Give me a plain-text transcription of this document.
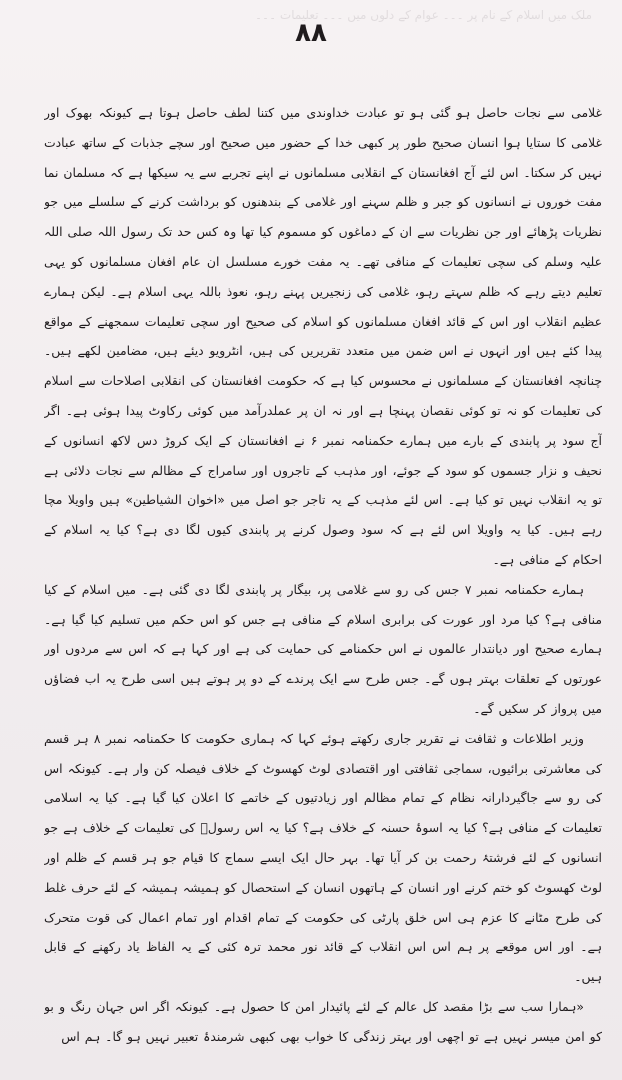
ملک میں اسلام کے نام پر ۔۔۔ عوام کے دلوں میں ۔۔۔ تعلیمات ۔۔۔
۸۸

غلامی سے نجات حاصل ہو گئی ہو تو عبادت خداوندی میں کتنا لطف حاصل ہوتا ہے کیونکہ بھوک اور غلامی کا ستایا ہوا انسان صحیح طور پر کبھی خدا کے حضور میں صحیح اور سچے جذبات کے ساتھ عبادت نہیں کر سکتا۔ اس لئے آج افغانستان کے انقلابی مسلمانوں نے اپنے تجربے سے یہ سیکھا ہے کہ مسلمان نما مفت خوروں نے انسانوں کو جبر و ظلم سہنے اور غلامی کے بندھنوں کو برداشت کرنے کے سلسلے میں جو نظریات پڑھائے اور جن نظریات سے ان کے دماغوں کو مسموم کیا تھا وہ کس حد تک رسول اللہ صلی اللہ علیہ وسلم کی سچی تعلیمات کے منافی تھے۔ یہ مفت خورے مسلسل ان عام افغان مسلمانوں کو یہی تعلیم دیتے رہے کہ ظلم سہتے رہو، غلامی کی زنجیریں پہنے رہو، نعوذ باللہ یہی اسلام ہے۔ لیکن ہمارے عظیم انقلاب اور اس کے قائد افغان مسلمانوں کو اسلام کی صحیح اور سچی تعلیمات سمجھنے کے مواقع پیدا کئے ہیں اور انہوں نے اس ضمن میں متعدد تقریریں کی ہیں، انٹرویو دیئے ہیں، مضامین لکھے ہیں۔ چنانچہ افغانستان کے مسلمانوں نے محسوس کیا ہے کہ حکومت افغانستان کی انقلابی اصلاحات سے اسلام کی تعلیمات کو نہ تو کوئی نقصان پہنچا ہے اور نہ ان پر عملدرآمد میں کوئی رکاوٹ پیدا ہوئی ہے۔ اگر آج سود پر پابندی کے بارے میں ہمارے حکمنامہ نمبر ۶ نے افغانستان کے ایک کروڑ دس لاکھ انسانوں کے نحیف و نزار جسموں کو سود کے جوئے، اور مذہب کے تاجروں اور سامراج کے مظالم سے نجات دلائی ہے تو یہ انقلاب نہیں تو کیا ہے۔ اس لئے مذہب کے یہ تاجر جو اصل میں «اخوان الشیاطین» ہیں واویلا مچا رہے ہیں۔ کیا یہ واویلا اس لئے ہے کہ سود وصول کرنے پر پابندی کیوں لگا دی ہے؟ کیا یہ اسلام کے احکام کے منافی ہے۔

ہمارے حکمنامہ نمبر ۷ جس کی رو سے غلامی پر، بیگار پر پابندی لگا دی گئی ہے۔ میں اسلام کے کیا منافی ہے؟ کیا مرد اور عورت کی برابری اسلام کے منافی ہے جس کو اس حکم میں تسلیم کیا گیا ہے۔ ہمارے صحیح اور دیانتدار عالموں نے اس حکمنامے کی حمایت کی ہے اور کہا ہے کہ اس سے مردوں اور عورتوں کے تعلقات بہتر ہوں گے۔ جس طرح سے ایک پرندے کے دو پر ہوتے ہیں اسی طرح یہ اب فضاؤں میں پرواز کر سکیں گے۔

وزیر اطلاعات و ثقافت نے تقریر جاری رکھتے ہوئے کہا کہ ہماری حکومت کا حکمنامہ نمبر ۸ ہر قسم کی معاشرتی برائیوں، سماجی ثقافتی اور اقتصادی لوٹ کھسوٹ کے خلاف فیصلہ کن وار ہے۔ کیونکہ اس کی رو سے جاگیردارانہ نظام کے تمام مظالم اور زیادتیوں کے خاتمے کا اعلان کیا گیا ہے۔ کیا یہ اسلامی تعلیمات کے منافی ہے؟ کیا یہ اسوۂ حسنہ کے خلاف ہے؟ کیا یہ اس رسولؐ کی تعلیمات کے خلاف ہے جو انسانوں کے لئے فرشتۂ رحمت بن کر آیا تھا۔ بہر حال ایک ایسے سماج کا قیام جو ہر قسم کے ظلم اور لوٹ کھسوٹ کو ختم کرنے اور انسان کے ہاتھوں انسان کے استحصال کو ہمیشہ ہمیشہ کے لئے حرف غلط کی طرح مٹانے کا عزم ہی اس خلق پارٹی کی حکومت کے تمام اقدام اور تمام اعمال کی قوت متحرک ہے۔ اور اس موقعے پر ہم اس اس انقلاب کے قائد نور محمد ترہ کئی کے یہ الفاظ یاد رکھنے کے قابل ہیں۔

«ہمارا سب سے بڑا مقصد کل عالم کے لئے پائیدار امن کا حصول ہے۔ کیونکہ اگر اس جہان رنگ و بو کو امن میسر نہیں ہے تو اچھی اور بہتر زندگی کا خواب بھی کبھی شرمندۂ تعبیر نہیں ہو گا۔ ہم اس
